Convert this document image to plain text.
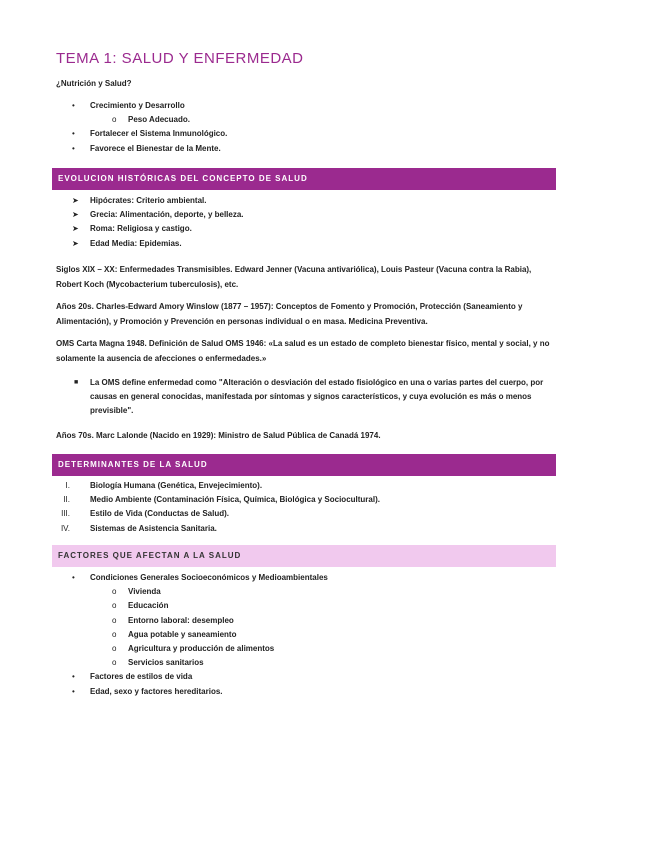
TEMA 1: SALUD Y ENFERMEDAD
¿Nutrición y Salud?
• Crecimiento y Desarrollo
o Peso Adecuado.
• Fortalecer el Sistema Inmunológico.
• Favorece el Bienestar de la Mente.
EVOLUCION HISTÓRICAS DEL CONCEPTO DE SALUD
➤ Hipócrates: Criterio ambiental.
➤ Grecia: Alimentación, deporte, y belleza.
➤ Roma: Religiosa y castigo.
➤ Edad Media: Epidemias.
Siglos XIX – XX: Enfermedades Transmisibles. Edward Jenner (Vacuna antivariólica), Louis Pasteur (Vacuna contra la Rabia), Robert Koch (Mycobacterium tuberculosis), etc.
Años 20s. Charles-Edward Amory Winslow (1877 – 1957): Conceptos de Fomento y Promoción, Protección (Saneamiento y Alimentación), y Promoción y Prevención en personas individual o en masa. Medicina Preventiva.
OMS Carta Magna 1948. Definición de Salud OMS 1946: «La salud es un estado de completo bienestar físico, mental y social, y no solamente la ausencia de afecciones o enfermedades.»
■ La OMS define enfermedad como "Alteración o desviación del estado fisiológico en una o varias partes del cuerpo, por causas en general conocidas, manifestada por síntomas y signos característicos, y cuya evolución es más o menos previsible".
Años 70s. Marc Lalonde (Nacido en 1929): Ministro de Salud Pública de Canadá 1974.
DETERMINANTES DE LA SALUD
I.	Biología Humana (Genética, Envejecimiento).
II.	Medio Ambiente (Contaminación Física, Química, Biológica y Sociocultural).
III.	Estilo de Vida (Conductas de Salud).
IV.	Sistemas de Asistencia Sanitaria.
FACTORES QUE AFECTAN A LA SALUD
• Condiciones Generales Socioeconómicos y Medioambientales
o Vivienda
o Educación
o Entorno laboral: desempleo
o Agua potable y saneamiento
o Agricultura y producción de alimentos
o Servicios sanitarios
• Factores de estilos de vida
• Edad, sexo y factores hereditarios.
